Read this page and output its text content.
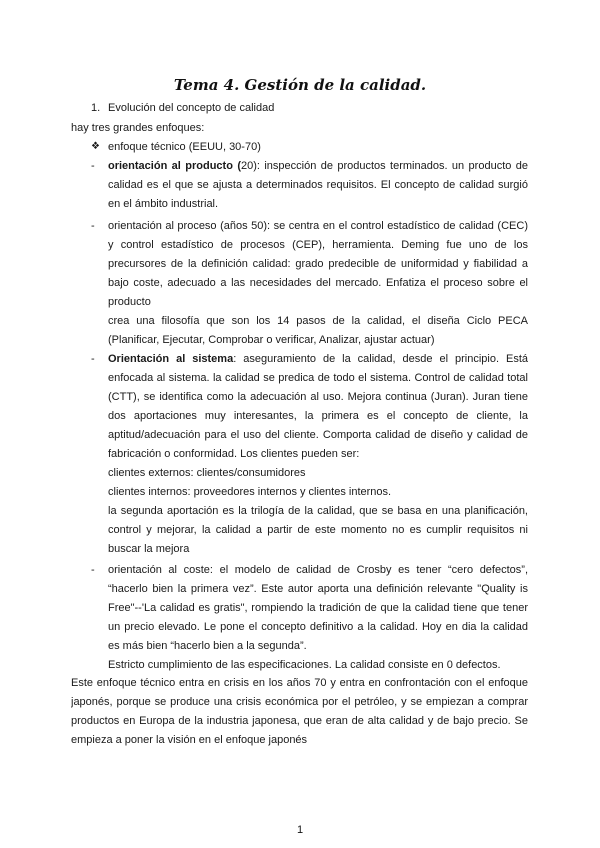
Tema 4. Gestión de la calidad.
1. Evolución del concepto de calidad
hay tres grandes enfoques:
❖ enfoque técnico (EEUU, 30-70)
- orientación al producto (20): inspección de productos terminados. un producto de
calidad es el que se ajusta a determinados requisitos. El concepto de calidad surgió
en el ámbito industrial.
- orientación al proceso (años 50): se centra en el control estadístico de calidad (CEC)
y control estadístico de procesos (CEP), herramienta. Deming fue uno de los
precursores de la definición calidad: grado predecible de uniformidad y fiabilidad a
bajo coste, adecuado a las necesidades del mercado. Enfatiza el proceso sobre el
producto
crea una filosofía que son los 14 pasos de la calidad, el diseña Ciclo PECA
(Planificar, Ejecutar, Comprobar o verificar, Analizar, ajustar actuar)
- Orientación al sistema: aseguramiento de la calidad, desde el principio. Está
enfocada al sistema. la calidad se predica de todo el sistema. Control de calidad total
(CTT), se identifica como la adecuación al uso. Mejora continua (Juran). Juran tiene
dos aportaciones muy interesantes, la primera es el concepto de cliente, la
aptitud/adecuación para el uso del cliente. Comporta calidad de diseño y calidad de
fabricación o conformidad. Los clientes pueden ser:
clientes externos: clientes/consumidores
clientes internos: proveedores internos y clientes internos.
la segunda aportación es la trilogía de la calidad, que se basa en una planificación,
control y mejorar, la calidad a partir de este momento no es cumplir requisitos ni
buscar la mejora
- orientación al coste: el modelo de calidad de Crosby es tener “cero defectos”,
“hacerlo bien la primera vez”. Este autor aporta una definición relevante "Quality is
Free"--'La calidad es gratis", rompiendo la tradición de que la calidad tiene que tener
un precio elevado. Le pone el concepto definitivo a la calidad. Hoy en dia la calidad
es más bien “hacerlo bien a la segunda”.
Estricto cumplimiento de las especificaciones. La calidad consiste en 0 defectos.
Este enfoque técnico entra en crisis en los años 70 y entra en confrontación con el enfoque
japonés, porque se produce una crisis económica por el petróleo, y se empiezan a comprar
productos en Europa de la industria japonesa, que eran de alta calidad y de bajo precio. Se
empieza a poner la visión en el enfoque japonés
1
